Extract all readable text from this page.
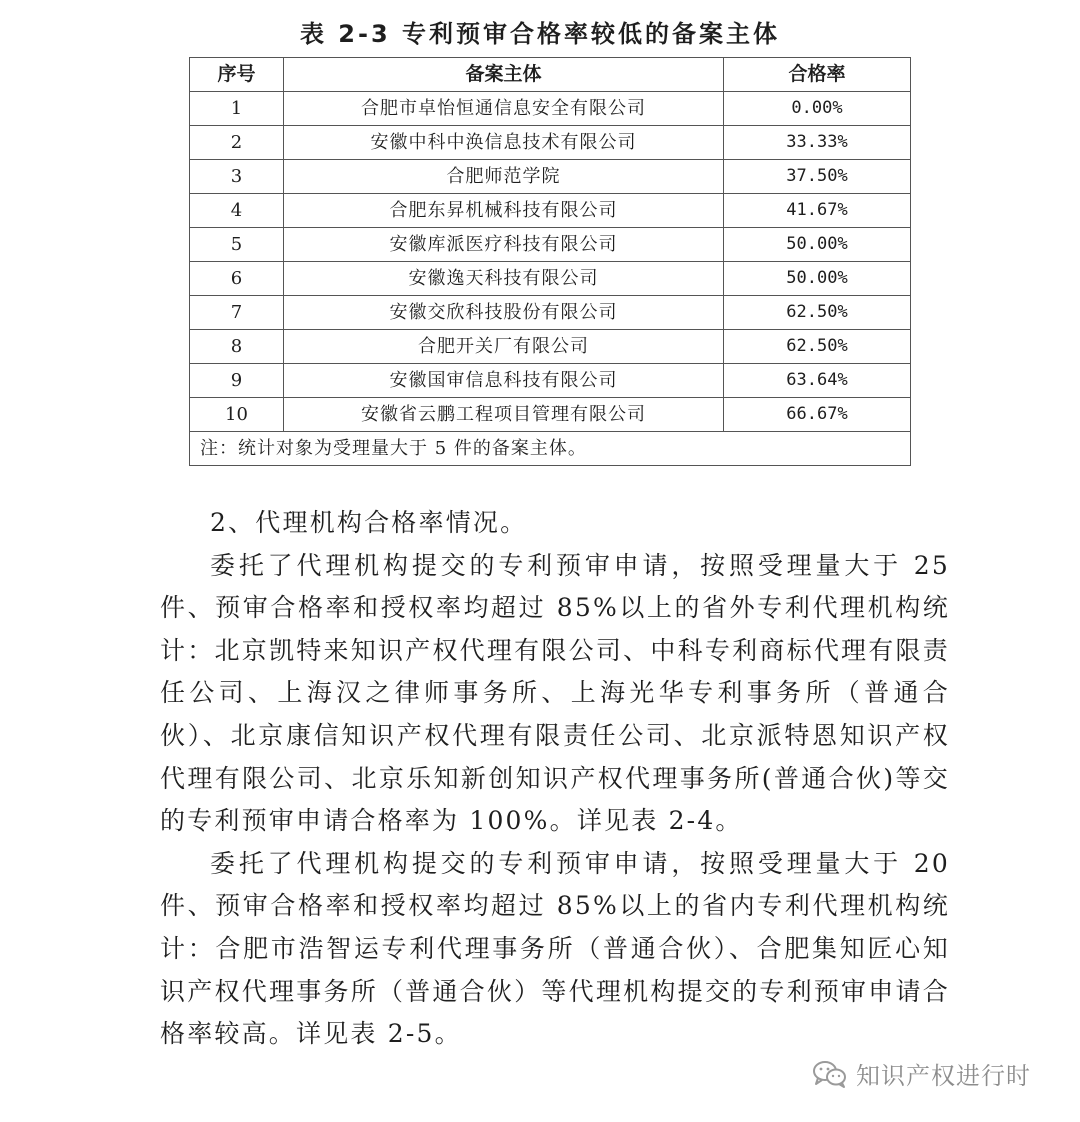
表 2-3 专利预审合格率较低的备案主体
序号	备案主体	合格率
1	合肥市卓怡恒通信息安全有限公司	0.00%
2	安徽中科中涣信息技术有限公司	33.33%
3	合肥师范学院	37.50%
4	合肥东昇机械科技有限公司	41.67%
5	安徽库派医疗科技有限公司	50.00%
6	安徽逸天科技有限公司	50.00%
7	安徽交欣科技股份有限公司	62.50%
8	合肥开关厂有限公司	62.50%
9	安徽国审信息科技有限公司	63.64%
10	安徽省云鹏工程项目管理有限公司	66.67%
注：统计对象为受理量大于 5 件的备案主体。		

2、代理机构合格率情况。

委托了代理机构提交的专利预审申请，按照受理量大于 25 件、预审合格率和授权率均超过 85%以上的省外专利代理机构统计：北京凯特来知识产权代理有限公司、中科专利商标代理有限责任公司、上海汉之律师事务所、上海光华专利事务所（普通合伙）、北京康信知识产权代理有限责任公司、北京派特恩知识产权代理有限公司、北京乐知新创知识产权代理事务所(普通合伙)等交的专利预审申请合格率为 100%。详见表 2-4。

委托了代理机构提交的专利预审申请，按照受理量大于 20 件、预审合格率和授权率均超过 85%以上的省内专利代理机构统计：合肥市浩智运专利代理事务所（普通合伙）、合肥集知匠心知识产权代理事务所（普通合伙）等代理机构提交的专利预审申请合格率较高。详见表 2-5。

知识产权进行时
